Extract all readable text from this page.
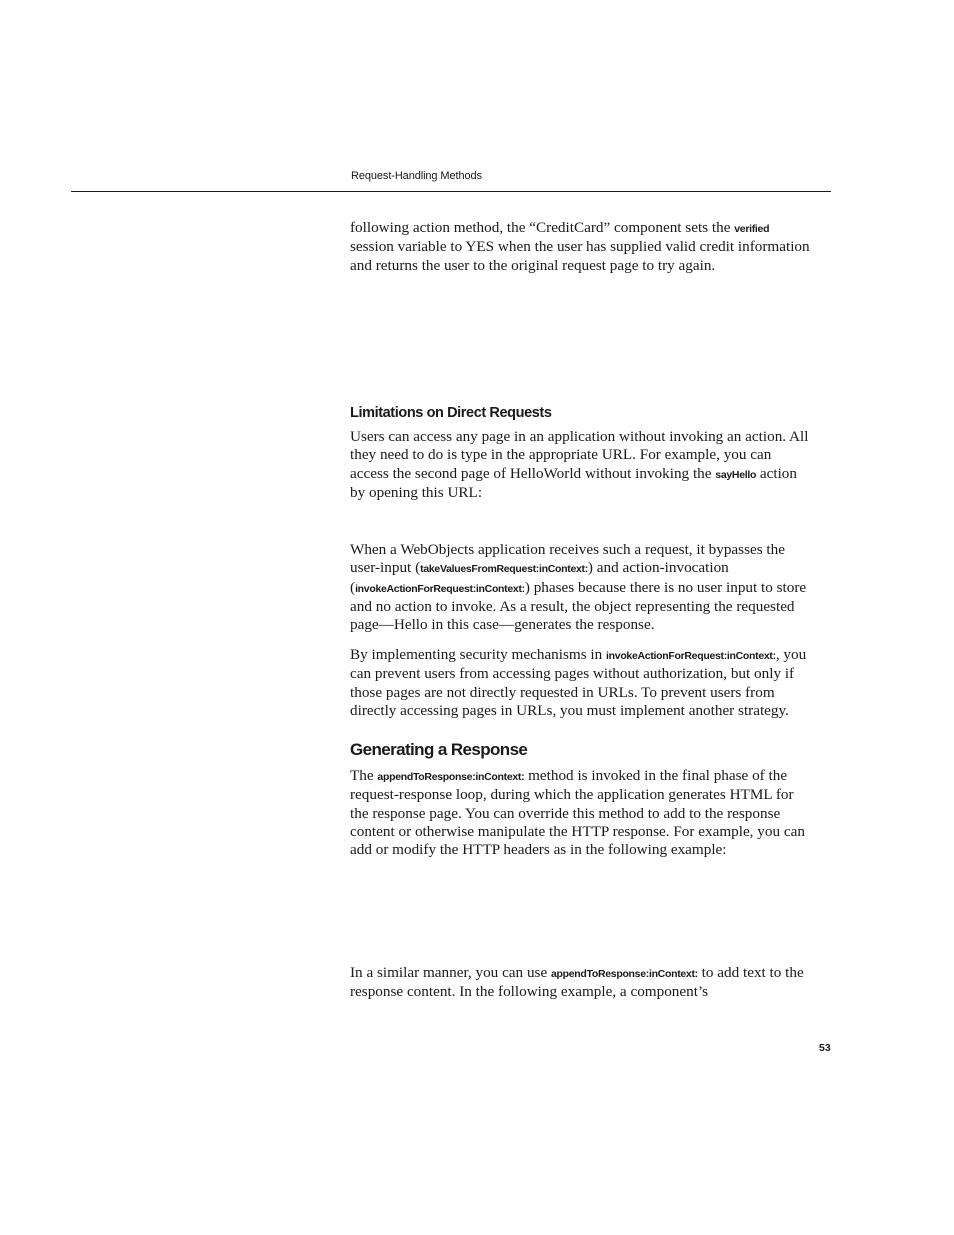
Request-Handling Methods

following action method, the “CreditCard” component sets the verified session variable to YES when the user has supplied valid credit information and returns the user to the original request page to try again.

Limitations on Direct Requests

Users can access any page in an application without invoking an action. All they need to do is type in the appropriate URL. For example, you can access the second page of HelloWorld without invoking the sayHello action by opening this URL:

When a WebObjects application receives such a request, it bypasses the user-input (takeValuesFromRequest:inContext:) and action-invocation (invokeActionForRequest:inContext:) phases because there is no user input to store and no action to invoke. As a result, the object representing the requested page—Hello in this case—generates the response.

By implementing security mechanisms in invokeActionForRequest:inContext:, you can prevent users from accessing pages without authorization, but only if those pages are not directly requested in URLs. To prevent users from directly accessing pages in URLs, you must implement another strategy.

Generating a Response

The appendToResponse:inContext: method is invoked in the final phase of the request-response loop, during which the application generates HTML for the response page. You can override this method to add to the response content or otherwise manipulate the HTTP response. For example, you can add or modify the HTTP headers as in the following example:

In a similar manner, you can use appendToResponse:inContext: to add text to the response content. In the following example, a component’s

53
